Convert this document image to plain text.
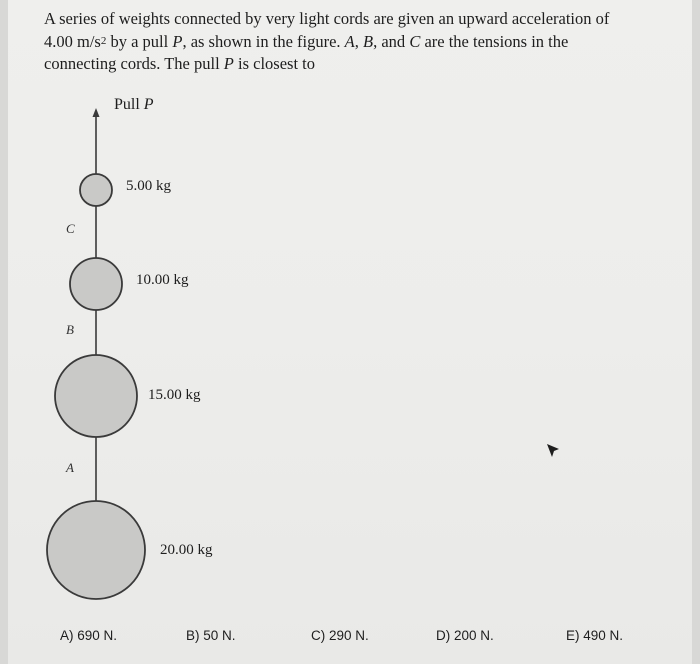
A series of weights connected by very light cords are given an upward acceleration of
4.00 $m/s^2$ by a pull P, as shown in the figure. A, B, and C are the tensions in the
connecting cords. The pull P is closest to
Pull P
5.00 kg
10.00 kg
15.00 kg
20.00 kg
C
B
A
A) 690 N.	B) 50 N.	C) 290 N.	D) 200 N.	E) 490 N.
